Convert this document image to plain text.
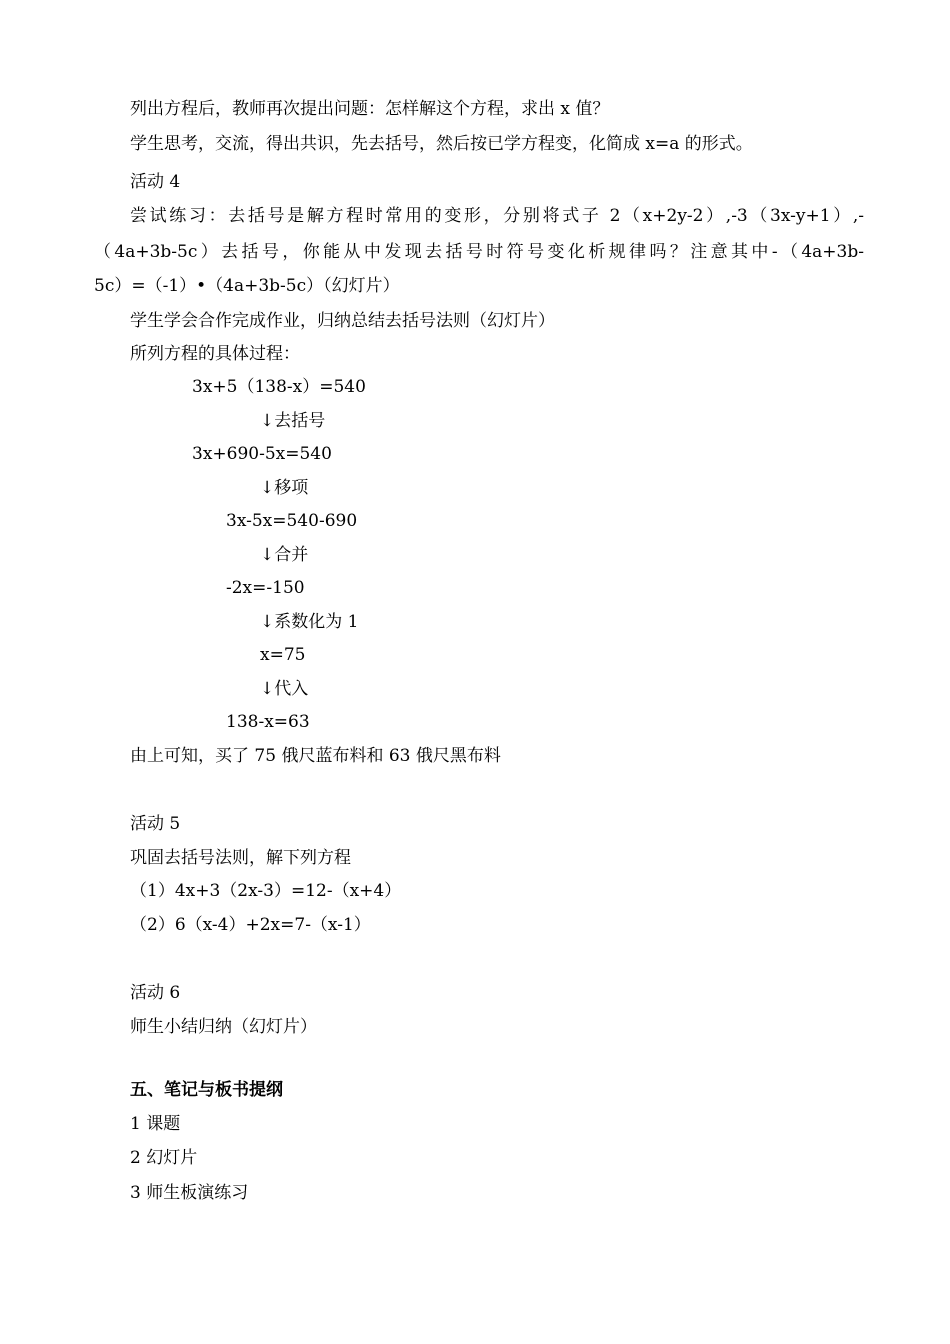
列出方程后，教师再次提出问题：怎样解这个方程，求出 x 值？
学生思考，交流，得出共识，先去括号，然后按已学方程变，化简成 x=a 的形式。
活动 4
尝试练习：去括号是解方程时常用的变形，分别将式子 2（x+2y-2）,-3（3x-y+1）,-
（4a+3b-5c）去括号，你能从中发现去括号时符号变化析规律吗？注意其中-（4a+3b-
5c）=（-1）•（4a+3b-5c）（幻灯片）
学生学会合作完成作业，归纳总结去括号法则（幻灯片）
所列方程的具体过程：
3x+5（138-x）=540
↓去括号
3x+690-5x=540
↓移项
3x-5x=540-690
↓合并
-2x=-150
↓系数化为 1
x=75
↓代入
138-x=63
由上可知，买了 75 俄尺蓝布料和 63 俄尺黑布料
活动 5
巩固去括号法则，解下列方程
（1）4x+3（2x-3）=12-（x+4）
（2）6（x-4）+2x=7-（x-1）
活动 6
师生小结归纳（幻灯片）
五、笔记与板书提纲
1 课题
2 幻灯片
3 师生板演练习
